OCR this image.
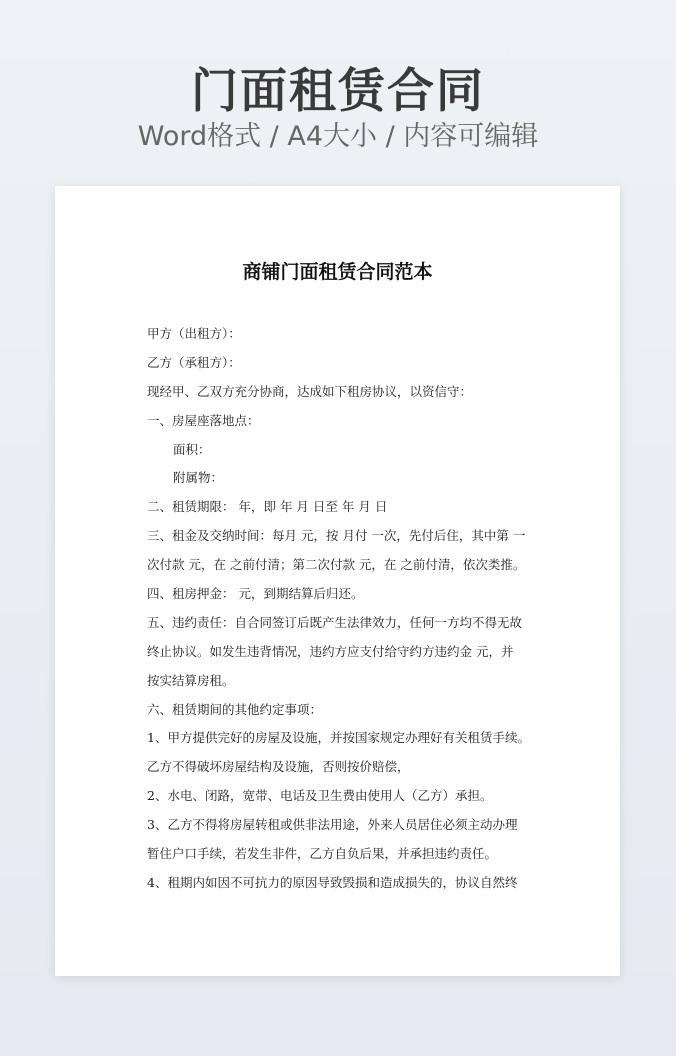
门面租赁合同
Word格式 / A4大小 / 内容可编辑
商铺门面租赁合同范本
甲方（出租方）：
乙方（承租方）：
现经甲、乙双方充分协商，达成如下租房协议，以资信守：
一、房屋座落地点：
面积：
附属物：
二、租赁期限： 年，即 年 月 日至 年 月 日
三、租金及交纳时间：每月 元，按 月付 一次，先付后住，其中第 一
次付款 元，在 之前付清；第二次付款 元，在 之前付清，依次类推。
四、租房押金： 元，到期结算后归还。
五、违约责任：自合同签订后既产生法律效力，任何一方均不得无故
终止协议。如发生违背情况，违约方应支付给守约方违约金 元，并
按实结算房租。
六、租赁期间的其他约定事项：
1、甲方提供完好的房屋及设施，并按国家规定办理好有关租赁手续。
乙方不得破坏房屋结构及设施，否则按价赔偿，
2、水电、闭路，宽带、电话及卫生费由使用人（乙方）承担。
3、乙方不得将房屋转租或供非法用途，外来人员居住必须主动办理
暂住户口手续，若发生非件，乙方自负后果，并承担违约责任。
4、租期内如因不可抗力的原因导致毁损和造成损失的，协议自然终
